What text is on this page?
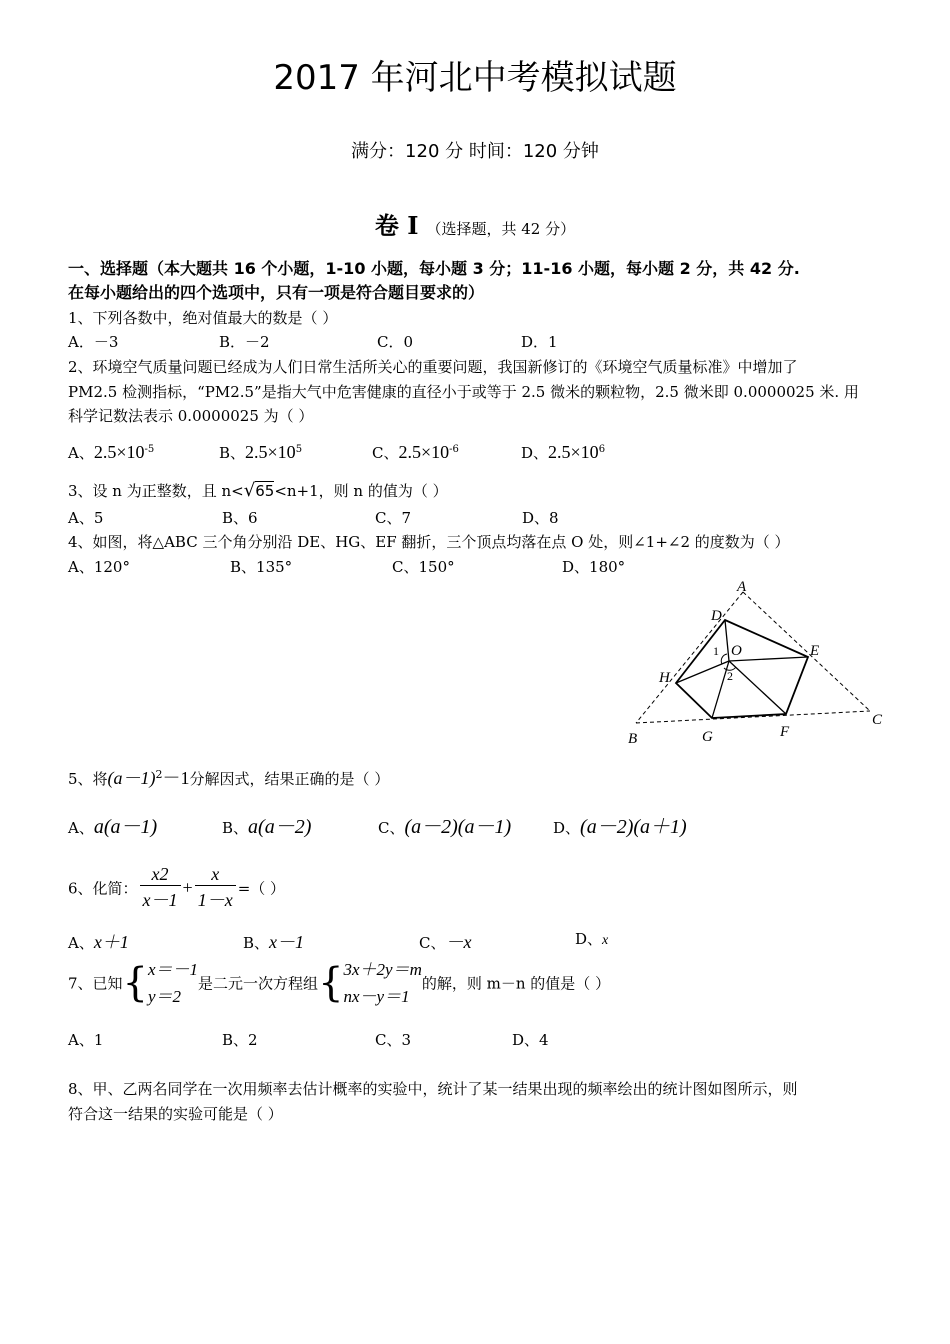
2017 年河北中考模拟试题
满分：120 分 时间：120 分钟
卷 I （选择题，共 42 分）
一、选择题（本大题共 16 个小题，1-10 小题，每小题 3 分；11-16 小题，每小题 2 分，共 42 分.
在每小题给出的四个选项中，只有一项是符合题目要求的）
1、下列各数中，绝对值最大的数是（ ）
A．－3	B．－2	C．0	D．1
2、环境空气质量问题已经成为人们日常生活所关心的重要问题，我国新修订的《环境空气质量标准》中增加了
PM2.5 检测指标，“PM2.5”是指大气中危害健康的直径小于或等于 2.5 微米的颗粒物，2.5 微米即 0.0000025 米. 用
科学记数法表示 0.0000025 为（ ）
A、$2.5\times 10^{-5}$	B、$2.5\times 10^5$	C、$2.5\times 10^{-6}$	D、$2.5\times 10^6$
3、设 n 为正整数，且 n<√65<n+1，则 n 的值为（ ）
A、5	B、6	C、7	D、8
4、如图，将△ABC 三个角分别沿 DE、HG、EF 翻折，三个顶点均落在点 O 处，则∠1+∠2 的度数为（ ）
A、120°	B、135°	C、150°	D、180°
A
B
C
D
E
F
G
H
O
1
2
5、将$(a-1)^2-1$分解因式，结果正确的是（ ）
A、a(a－1)	B、a(a－2)	C、(a－2)(a－1)	D、(a－2)(a＋1)
6、化简： $\frac{x2}{x-1} + \frac{x}{1-x}$ =（ ）
A、x＋1	B、x－1	C、－x	D、x
7、已知{ x＝－1
y＝2
是二元一次方程组{ 3x＋2y＝m
nx－y＝1
的解，则 m－n 的值是（ ）
A、1	B、2	C、3	D、4
8、甲、乙两名同学在一次用频率去估计概率的实验中，统计了某一结果出现的频率绘出的统计图如图所示，则
符合这一结果的实验可能是（ ）
